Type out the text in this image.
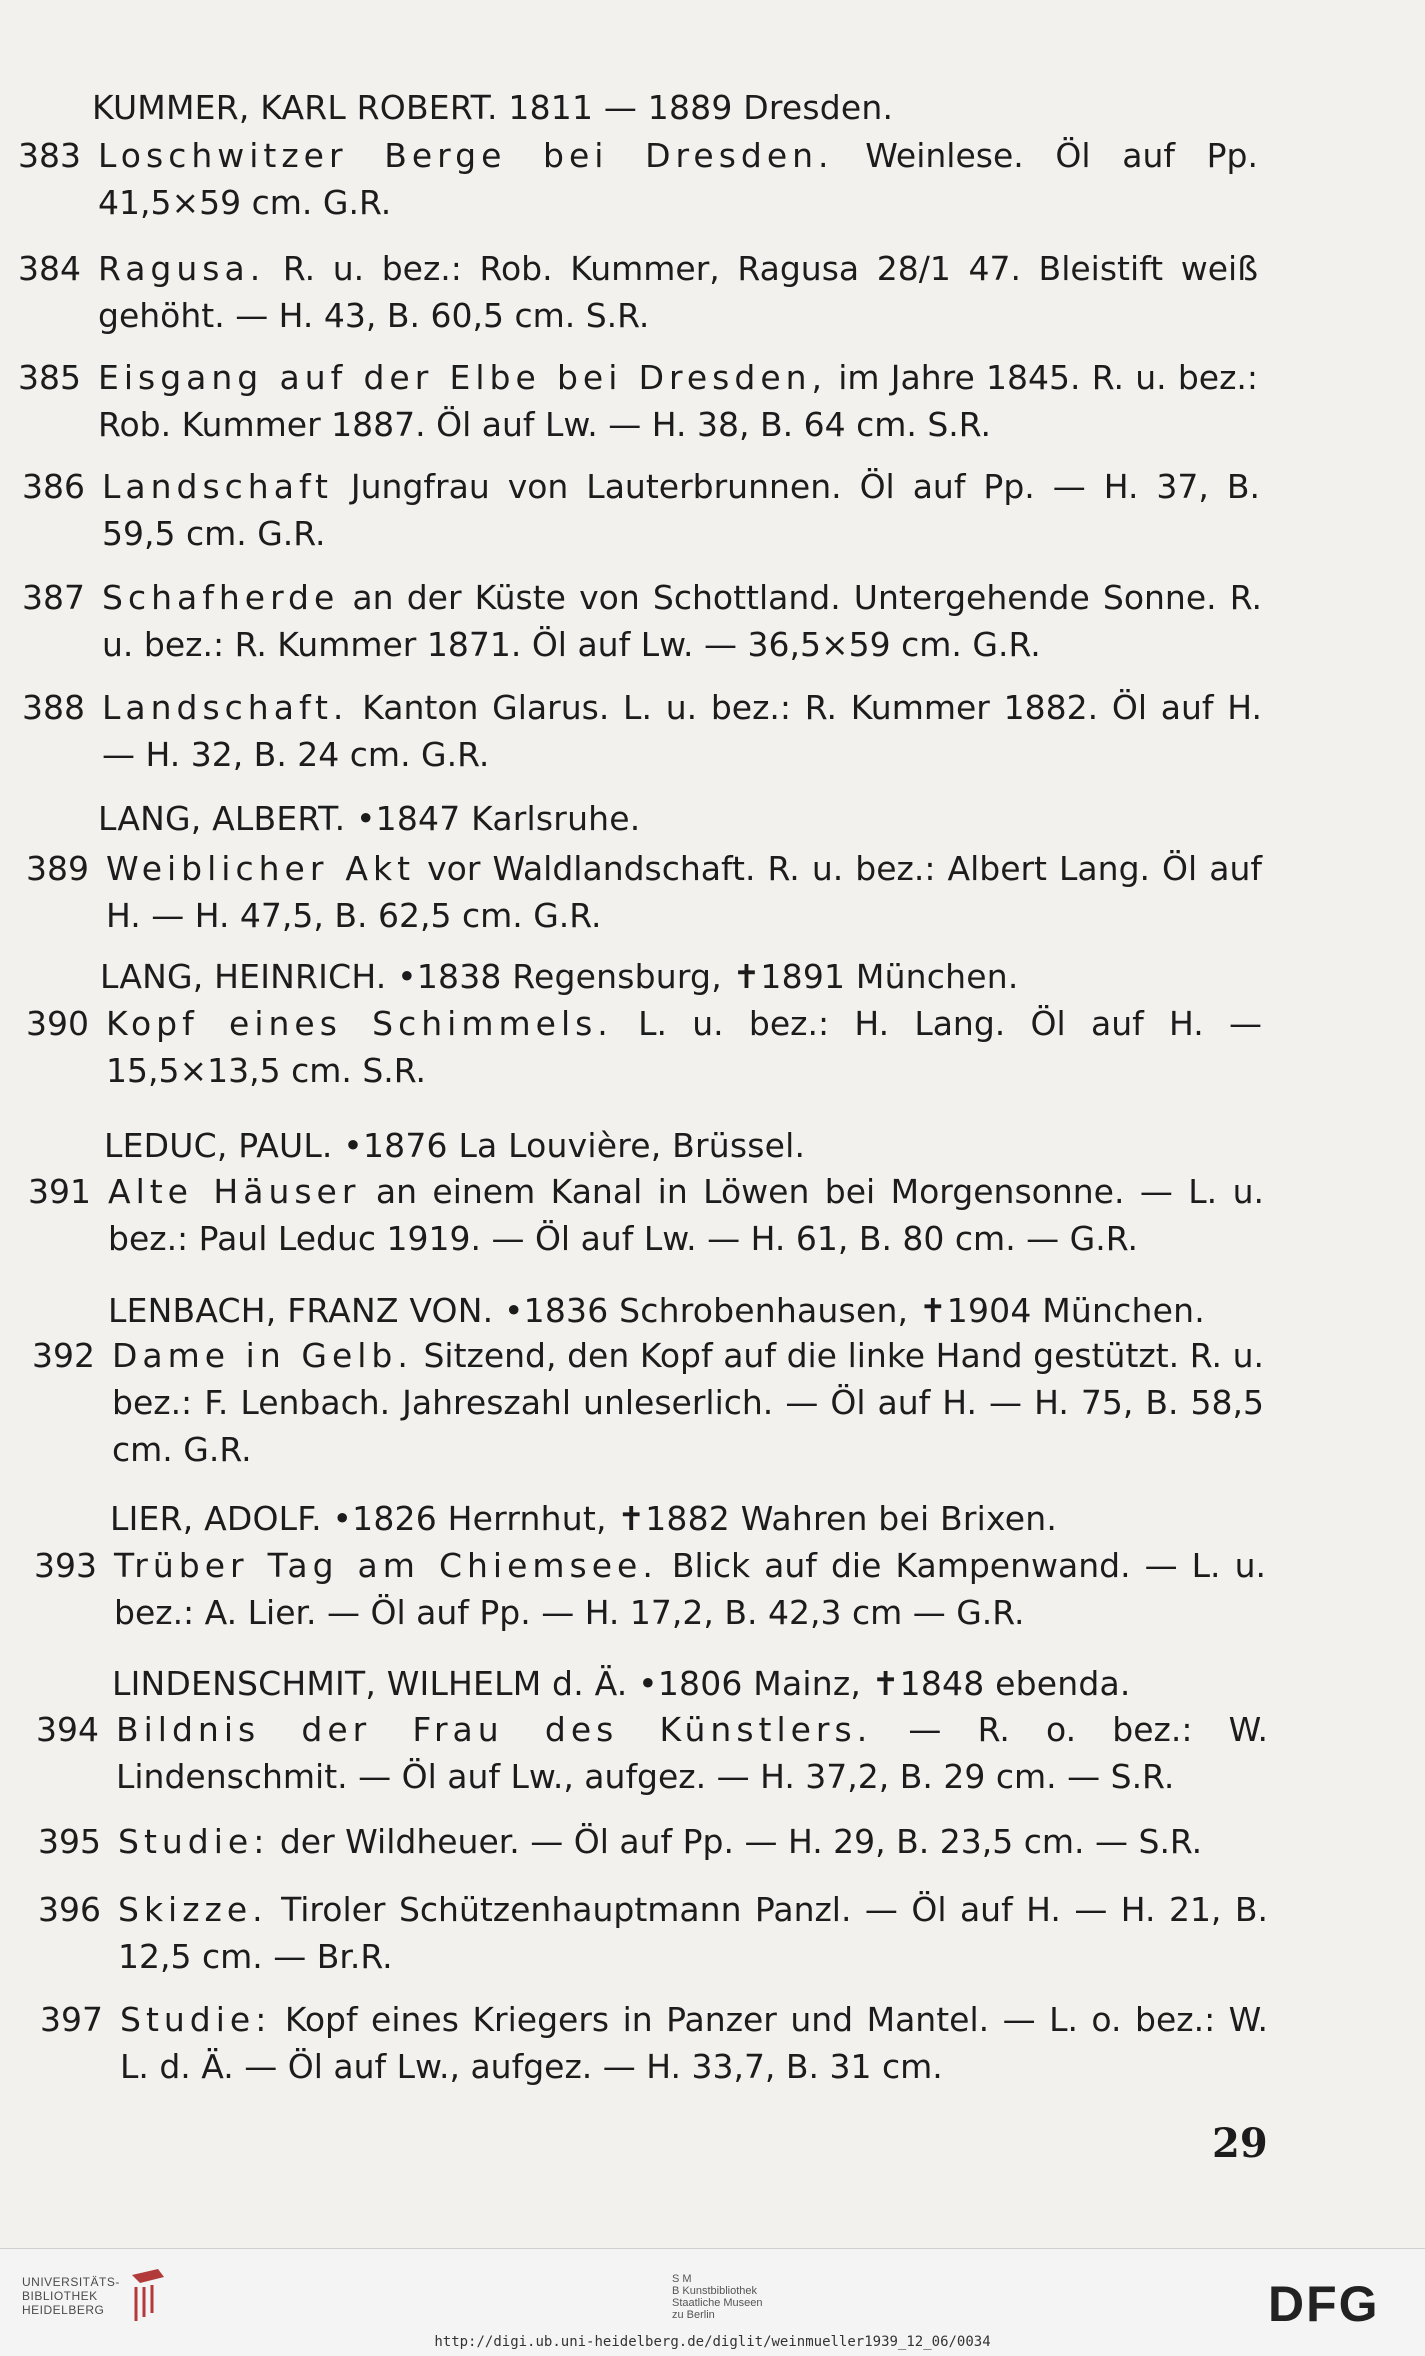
KUMMER, KARL ROBERT. 1811 — 1889 Dresden.
383 Loschwitzer Berge bei Dresden. Weinlese. Öl auf Pp. 41,5×59 cm. G.R.
384 Ragusa. R. u. bez.: Rob. Kummer, Ragusa 28/1 47. Bleistift weiß gehöht. — H. 43, B. 60,5 cm. S.R.
385 Eisgang auf der Elbe bei Dresden, im Jahre 1845. R. u. bez.: Rob. Kummer 1887. Öl auf Lw. — H. 38, B. 64 cm. S.R.
386 Landschaft Jungfrau von Lauterbrunnen. Öl auf Pp. — H. 37, B. 59,5 cm. G.R.
387 Schafherde an der Küste von Schottland. Untergehende Sonne. R. u. bez.: R. Kummer 1871. Öl auf Lw. — 36,5×59 cm. G.R.
388 Landschaft. Kanton Glarus. L. u. bez.: R. Kummer 1882. Öl auf H. — H. 32, B. 24 cm. G.R.
LANG, ALBERT. •1847 Karlsruhe.
389 Weiblicher Akt vor Waldlandschaft. R. u. bez.: Albert Lang. Öl auf H. — H. 47,5, B. 62,5 cm. G.R.
LANG, HEINRICH. •1838 Regensburg, ✝1891 München.
390 Kopf eines Schimmels. L. u. bez.: H. Lang. Öl auf H. — 15,5×13,5 cm. S.R.
LEDUC, PAUL. •1876 La Louvière, Brüssel.
391 Alte Häuser an einem Kanal in Löwen bei Morgensonne. — L. u. bez.: Paul Leduc 1919. — Öl auf Lw. — H. 61, B. 80 cm. — G.R.
LENBACH, FRANZ VON. •1836 Schrobenhausen, ✝1904 München.
392 Dame in Gelb. Sitzend, den Kopf auf die linke Hand gestützt. R. u. bez.: F. Lenbach. Jahreszahl unleserlich. — Öl auf H. — H. 75, B. 58,5 cm. G.R.
LIER, ADOLF. •1826 Herrnhut, ✝1882 Wahren bei Brixen.
393 Trüber Tag am Chiemsee. Blick auf die Kampenwand. — L. u. bez.: A. Lier. — Öl auf Pp. — H. 17,2, B. 42,3 cm — G.R.
LINDENSCHMIT, WILHELM d. Ä. •1806 Mainz, ✝1848 ebenda.
394 Bildnis der Frau des Künstlers. — R. o. bez.: W. Lindenschmit. — Öl auf Lw., aufgez. — H. 37,2, B. 29 cm. — S.R.
395 Studie: der Wildheuer. — Öl auf Pp. — H. 29, B. 23,5 cm. — S.R.
396 Skizze. Tiroler Schützenhauptmann Panzl. — Öl auf H. — H. 21, B. 12,5 cm. — Br.R.
397 Studie: Kopf eines Kriegers in Panzer und Mantel. — L. o. bez.: W. L. d. Ä. — Öl auf Lw., aufgez. — H. 33,7, B. 31 cm.
29
UNIVERSITÄTS-
BIBLIOTHEK
HEIDELBERG
S M
B Kunstbibliothek
Staatliche Museen
zu Berlin	DFG
http://digi.ub.uni-heidelberg.de/diglit/weinmueller1939_12_06/0034
